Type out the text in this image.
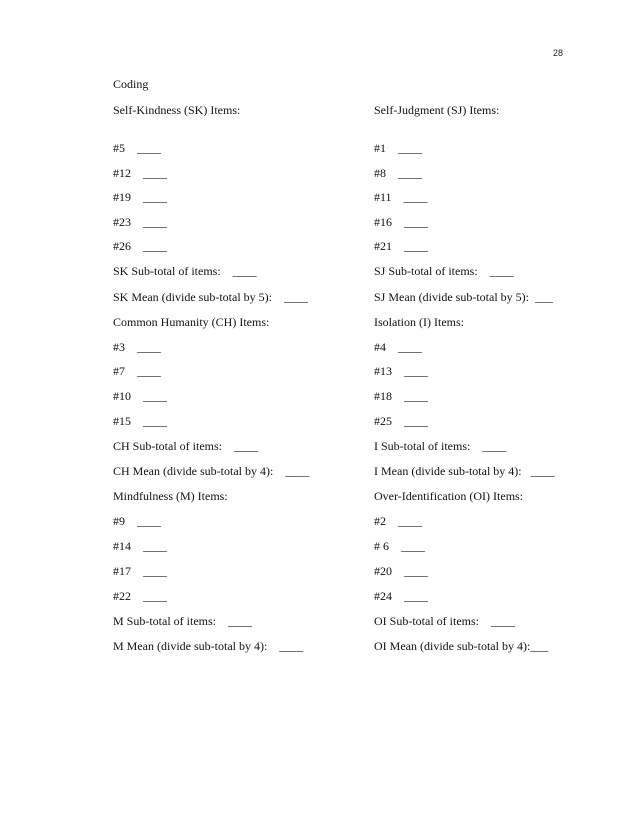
28
Coding
Self-Kindness (SK) Items:
#5    ____
#12    ____
#19    ____
#23    ____
#26    ____
SK Sub-total of items:    ____
SK Mean (divide sub-total by 5):    ____
Common Humanity (CH) Items:
#3    ____
#7    ____
#10    ____
#15    ____
CH Sub-total of items:    ____
CH Mean (divide sub-total by 4):    ____
Mindfulness (M) Items:
#9    ____
#14    ____
#17    ____
#22    ____
M Sub-total of items:    ____
M Mean (divide sub-total by 4):    ____
Self-Judgment (SJ) Items:
#1    ____
#8    ____
#11    ____
#16    ____
#21    ____
SJ Sub-total of items:    ____
SJ Mean (divide sub-total by 5):  ___
Isolation (I) Items:
#4    ____
#13    ____
#18    ____
#25    ____
I Sub-total of items:    ____
I Mean (divide sub-total by 4):   ____
Over-Identification (OI) Items:
#2    ____
# 6    ____
#20    ____
#24    ____
OI Sub-total of items:    ____
OI Mean (divide sub-total by 4):___
